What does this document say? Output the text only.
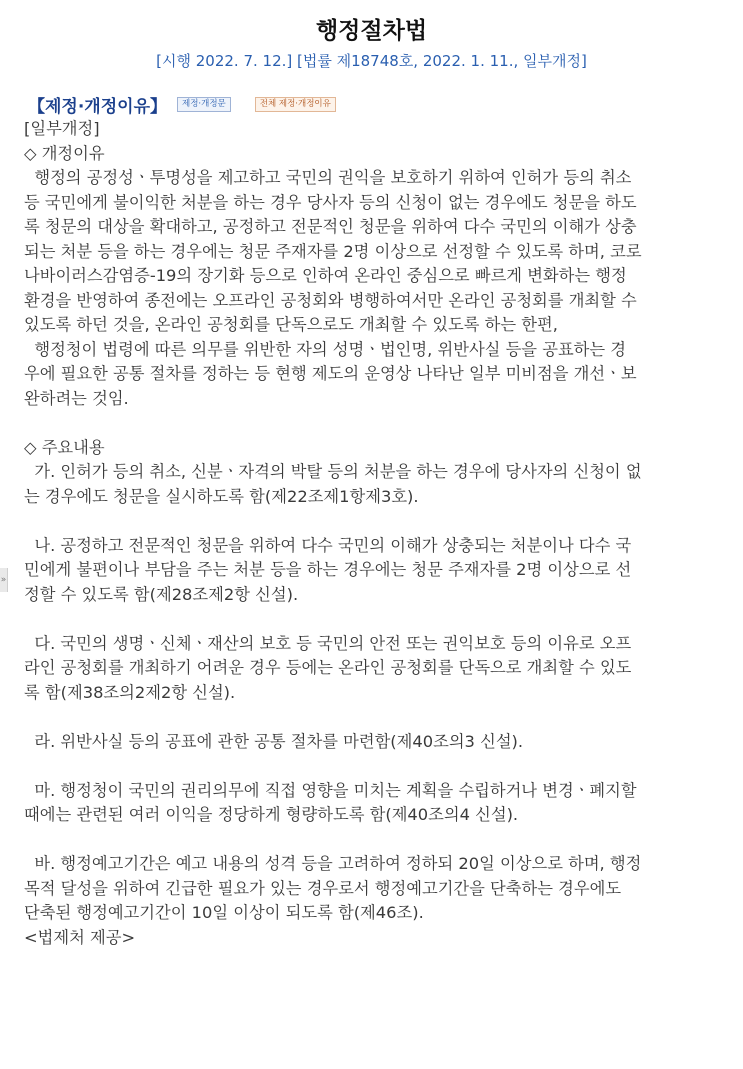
행정절차법
[시행 2022. 7. 12.] [법률 제18748호, 2022. 1. 11., 일부개정]
【제정·개정이유】	제정·개정문	전체 제정·개정이유
»
[일부개정]
◇ 개정이유
행정의 공정성ㆍ투명성을 제고하고 국민의 권익을 보호하기 위하여 인허가 등의 취소
등 국민에게 불이익한 처분을 하는 경우 당사자 등의 신청이 없는 경우에도 청문을 하도
록 청문의 대상을 확대하고, 공정하고 전문적인 청문을 위하여 다수 국민의 이해가 상충
되는 처분 등을 하는 경우에는 청문 주재자를 2명 이상으로 선정할 수 있도록 하며, 코로
나바이러스감염증-19의 장기화 등으로 인하여 온라인 중심으로 빠르게 변화하는 행정
환경을 반영하여 종전에는 오프라인 공청회와 병행하여서만 온라인 공청회를 개최할 수
있도록 하던 것을, 온라인 공청회를 단독으로도 개최할 수 있도록 하는 한편,
행정청이 법령에 따른 의무를 위반한 자의 성명ㆍ법인명, 위반사실 등을 공표하는 경
우에 필요한 공통 절차를 정하는 등 현행 제도의 운영상 나타난 일부 미비점을 개선ㆍ보
완하려는 것임.
◇ 주요내용
가. 인허가 등의 취소, 신분ㆍ자격의 박탈 등의 처분을 하는 경우에 당사자의 신청이 없
는 경우에도 청문을 실시하도록 함(제22조제1항제3호).
나. 공정하고 전문적인 청문을 위하여 다수 국민의 이해가 상충되는 처분이나 다수 국
민에게 불편이나 부담을 주는 처분 등을 하는 경우에는 청문 주재자를 2명 이상으로 선
정할 수 있도록 함(제28조제2항 신설).
다. 국민의 생명ㆍ신체ㆍ재산의 보호 등 국민의 안전 또는 권익보호 등의 이유로 오프
라인 공청회를 개최하기 어려운 경우 등에는 온라인 공청회를 단독으로 개최할 수 있도
록 함(제38조의2제2항 신설).
라. 위반사실 등의 공표에 관한 공통 절차를 마련함(제40조의3 신설).
마. 행정청이 국민의 권리의무에 직접 영향을 미치는 계획을 수립하거나 변경ㆍ폐지할
때에는 관련된 여러 이익을 정당하게 형량하도록 함(제40조의4 신설).
바. 행정예고기간은 예고 내용의 성격 등을 고려하여 정하되 20일 이상으로 하며, 행정
목적 달성을 위하여 긴급한 필요가 있는 경우로서 행정예고기간을 단축하는 경우에도
단축된 행정예고기간이 10일 이상이 되도록 함(제46조).
<법제처 제공>
